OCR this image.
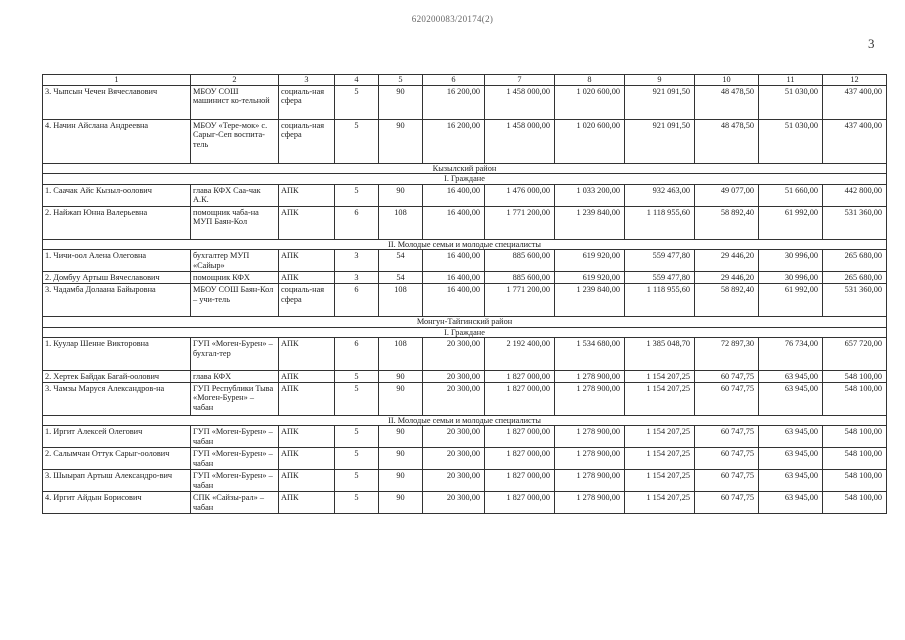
620200083/20174(2)
3
1	2	3	4	5	6	7	8	9	10	11	12
3. Чыпсын Чечен Вячеславович	МБОУ СОШ машинист ко-тельной	социаль-ная сфера	5	90	16 200,00	1 458 000,00	1 020 600,00	921 091,50	48 478,50	51 030,00	437 400,00
4. Начин Айслана Андреевна	МБОУ «Тере-мок» с. Сарыг-Сеп воспита-тель	социаль-ная сфера	5	90	16 200,00	1 458 000,00	1 020 600,00	921 091,50	48 478,50	51 030,00	437 400,00
Кызылский район											
I. Граждане											
1. Саачак Айс Кызыл-оолович	глава КФХ Саа-чак А.К.	АПК	5	90	16 400,00	1 476 000,00	1 033 200,00	932 463,00	49 077,00	51 660,00	442 800,00
2. Найжап Юнна Валерьевна	помощник чаба-на МУП Баян-Кол	АПК	6	108	16 400,00	1 771 200,00	1 239 840,00	1 118 955,60	58 892,40	61 992,00	531 360,00
II. Молодые семьи и молодые специалисты											
1. Чичи-оол Алена Олеговна	бухгалтер МУП «Сайыр»	АПК	3	54	16 400,00	885 600,00	619 920,00	559 477,80	29 446,20	30 996,00	265 680,00
2. Домбуу Артыш Вячеславович	помощник КФХ	АПК	3	54	16 400,00	885 600,00	619 920,00	559 477,80	29 446,20	30 996,00	265 680,00
3. Чадамба Долаана Байыровна	МБОУ СОШ Баян-Кол – учи-тель	социаль-ная сфера	6	108	16 400,00	1 771 200,00	1 239 840,00	1 118 955,60	58 892,40	61 992,00	531 360,00
Монгун-Тайгинский район											
I. Граждане											
1. Куулар Шенне Викторовна	ГУП «Моген-Бурен» – бухгал-тер	АПК	6	108	20 300,00	2 192 400,00	1 534 680,00	1 385 048,70	72 897,30	76 734,00	657 720,00
2. Хертек Байдак Багай-оолович	глава КФХ	АПК	5	90	20 300,00	1 827 000,00	1 278 900,00	1 154 207,25	60 747,75	63 945,00	548 100,00
3. Чамзы Маруся Александров-на	ГУП Республики Тыва «Моген-Бурен» – чабан	АПК	5	90	20 300,00	1 827 000,00	1 278 900,00	1 154 207,25	60 747,75	63 945,00	548 100,00
II. Молодые семьи и молодые специалисты											
1. Иргит Алексей Олегович	ГУП «Моген-Бурен» – чабан	АПК	5	90	20 300,00	1 827 000,00	1 278 900,00	1 154 207,25	60 747,75	63 945,00	548 100,00
2. Салымчан Оттук Сарыг-оолович	ГУП «Моген-Бурен» – чабан	АПК	5	90	20 300,00	1 827 000,00	1 278 900,00	1 154 207,25	60 747,75	63 945,00	548 100,00
3. Шыырап Артыш Александро-вич	ГУП «Моген-Бурен» – чабан	АПК	5	90	20 300,00	1 827 000,00	1 278 900,00	1 154 207,25	60 747,75	63 945,00	548 100,00
4. Иргит Айдын Борисович	СПК «Сайзы-рал» – чабан	АПК	5	90	20 300,00	1 827 000,00	1 278 900,00	1 154 207,25	60 747,75	63 945,00	548 100,00
